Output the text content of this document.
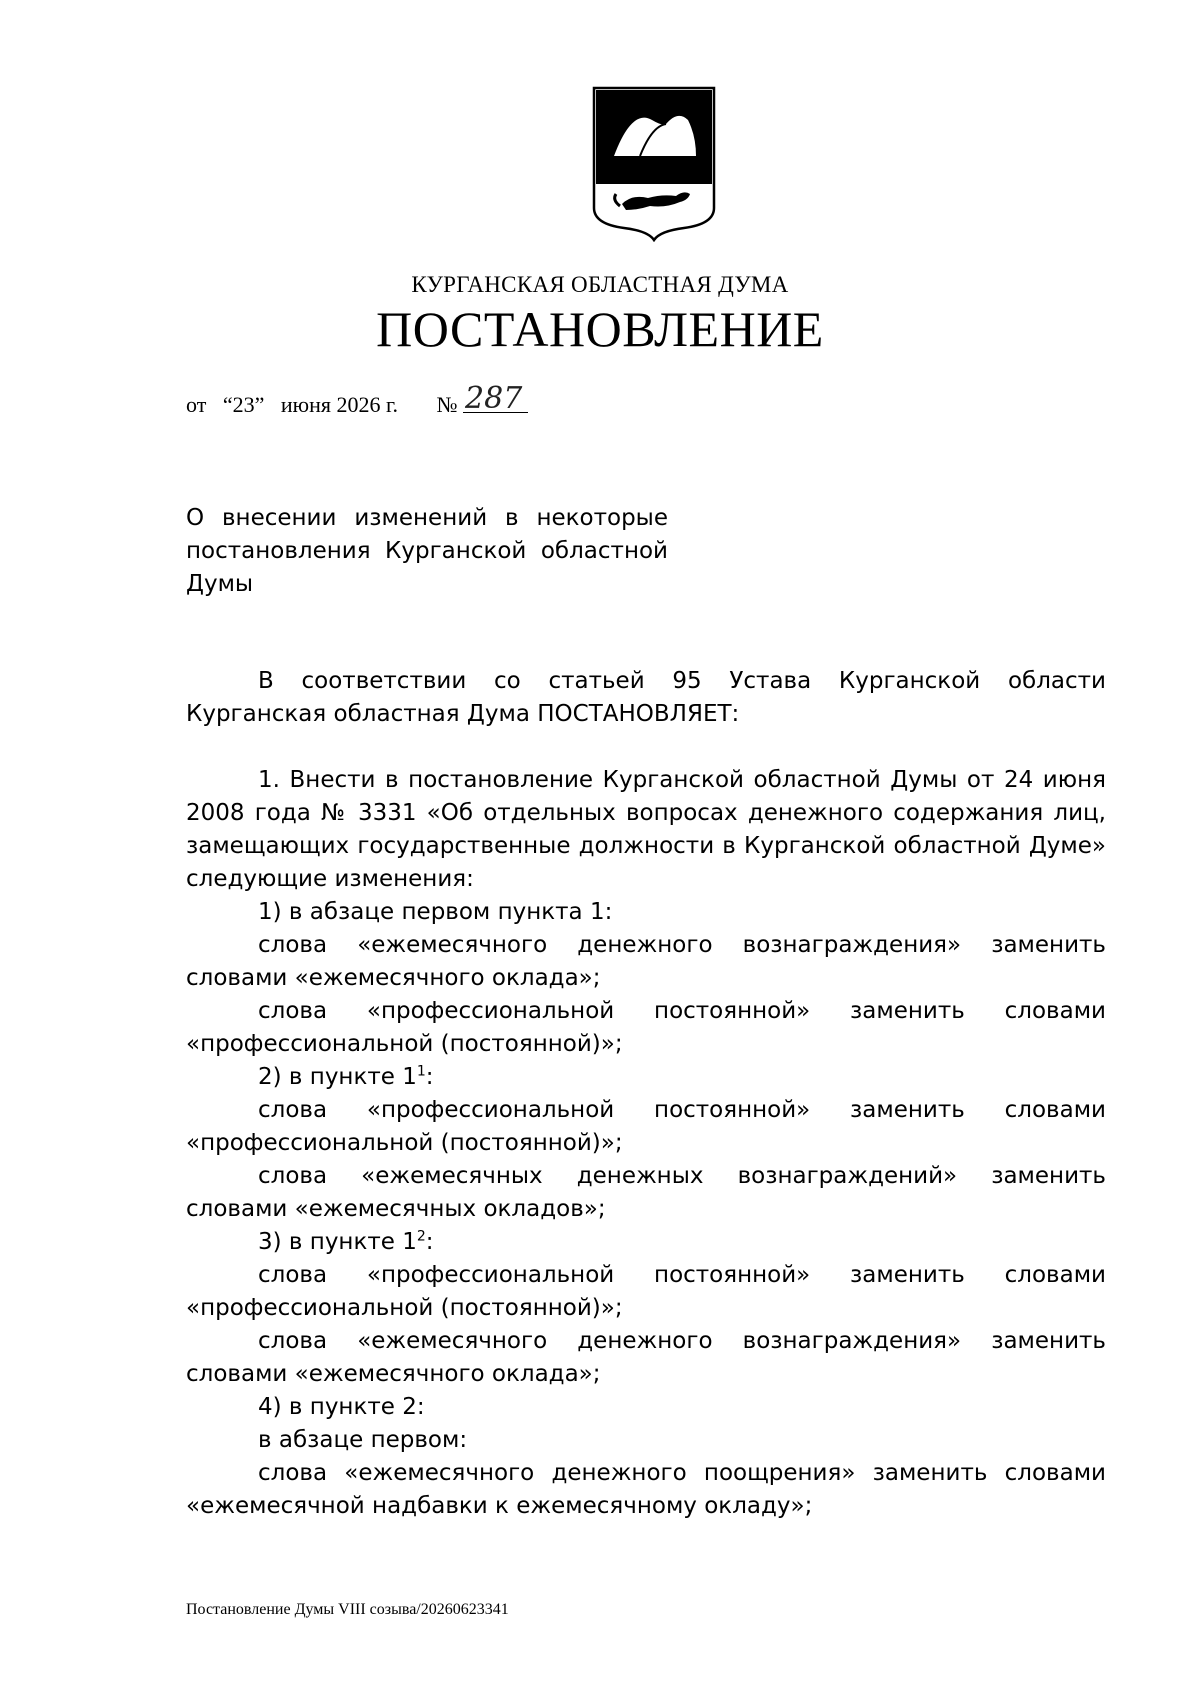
КУРГАНСКАЯ ОБЛАСТНАЯ ДУМА
ПОСТАНОВЛЕНИЕ
от “23” июня 2026 г. № 287
О внесении изменений в некоторые постановления Курганской областной Думы

В соответствии со статьей 95 Устава Курганской области Курганская областная Дума ПОСТАНОВЛЯЕТ:

1. Внести в постановление Курганской областной Думы от 24 июня 2008 года № 3331 «Об отдельных вопросах денежного содержания лиц, замещающих государственные должности в Курганской областной Думе» следующие изменения:

1) в абзаце первом пункта 1:

слова «ежемесячного денежного вознаграждения» заменить словами «ежемесячного оклада»;

слова «профессиональной постоянной» заменить словами «профессиональной (постоянной)»;

2) в пункте $1^1$:

слова «профессиональной постоянной» заменить словами «профессиональной (постоянной)»;

слова «ежемесячных денежных вознаграждений» заменить словами «ежемесячных окладов»;

3) в пункте $1^2$:

слова «профессиональной постоянной» заменить словами «профессиональной (постоянной)»;

слова «ежемесячного денежного вознаграждения» заменить словами «ежемесячного оклада»;

4) в пункте 2:

в абзаце первом:

слова «ежемесячного денежного поощрения» заменить словами «ежемесячной надбавки к ежемесячному окладу»;

Постановление Думы VIII созыва/20260623341
